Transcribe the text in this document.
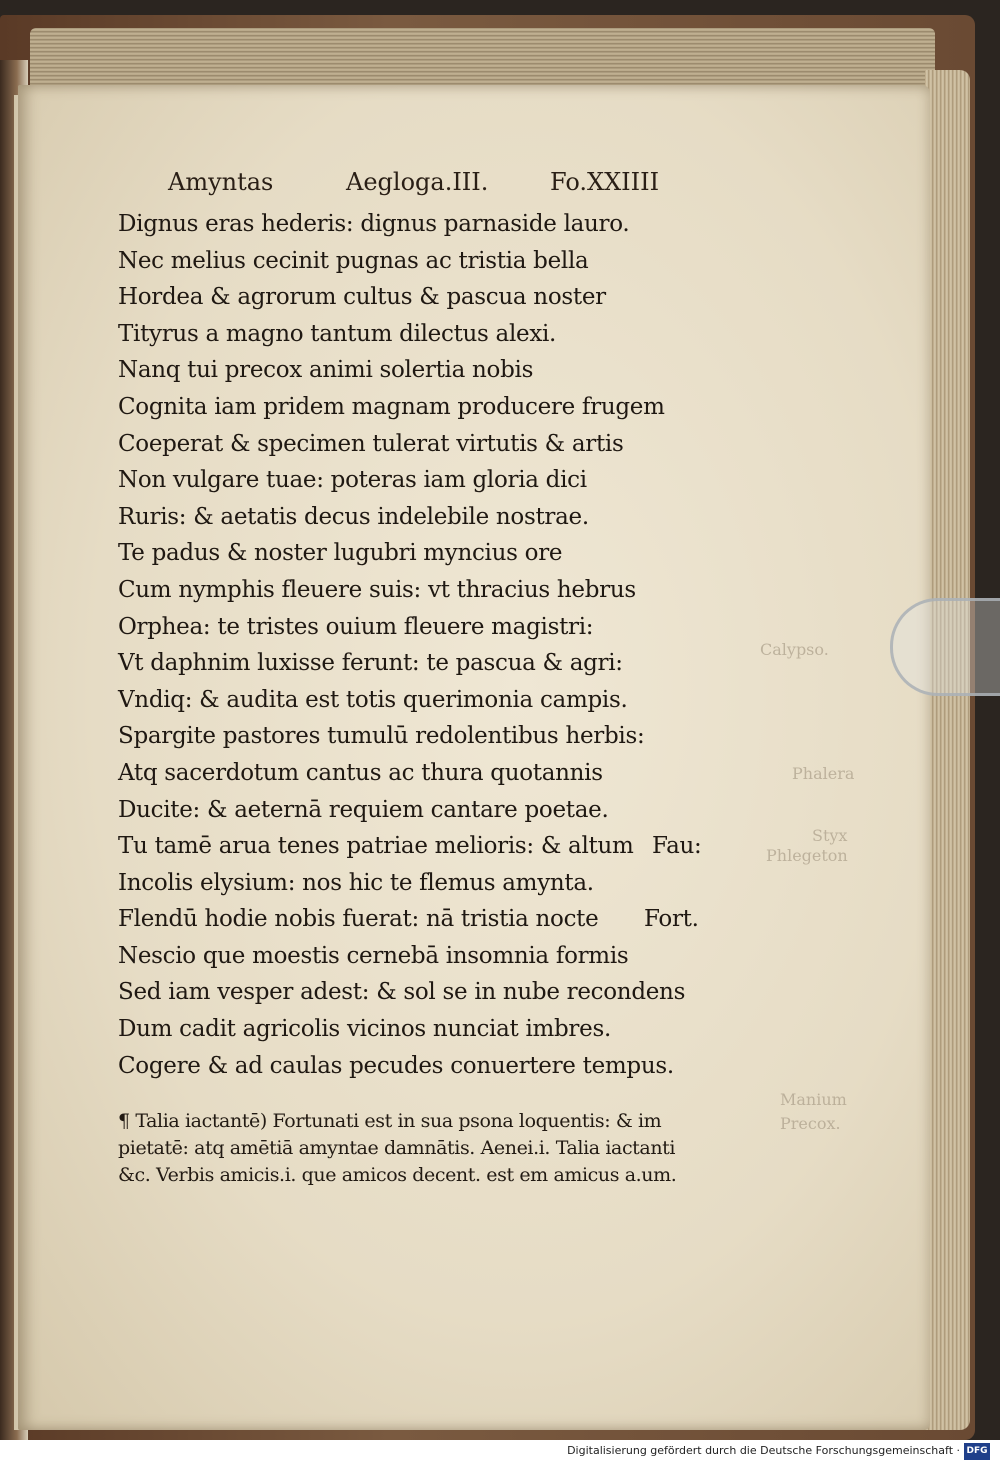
Calypso.
Phalera
Styx
Phlegeton
Manium
Precox.
Amyntas	Aegloga.III.	Fo.XXIIII
Dignus eras hederis: dignus parnaside lauro.
Nec melius cecinit pugnas ac tristia bella
Hordea & agrorum cultus & pascua noster
Tityrus a magno tantum dilectus alexi.
Nanq tui precox animi solertia nobis
Cognita iam pridem magnam producere frugem
Coeperat & specimen tulerat virtutis & artis
Non vulgare tuae: poteras iam gloria dici
Ruris: & aetatis decus indelebile nostrae.
Te padus & noster lugubri myncius ore
Cum nymphis fleuere suis: vt thracius hebrus
Orphea: te tristes ouium fleuere magistri:
Vt daphnim luxisse ferunt: te pascua & agri:
Vndiq: & audita est totis querimonia campis.
Spargite pastores tumulū redolentibus herbis:
Atq sacerdotum cantus ac thura quotannis
Ducite: & aeternā requiem cantare poetae.
Tu tamē arua tenes patriae melioris: & altum Fau:
Incolis elysium: nos hic te flemus amynta.
Flendū hodie nobis fuerat: nā tristia nocte Fort.
Nescio que moestis cernebā insomnia formis
Sed iam vesper adest: & sol se in nube recondens
Dum cadit agricolis vicinos nunciat imbres.
Cogere & ad caulas pecudes conuertere tempus.
¶ Talia iactantē) Fortunati est in sua psona loquentis: & im
pietatē: atq amētiā amyntae damnātis. Aenei.i. Talia iactanti
&c. Verbis amicis.i. que amicos decent. est em amicus a.um.
Digitalisierung gefördert durch die Deutsche Forschungsgemeinschaft · DFG
